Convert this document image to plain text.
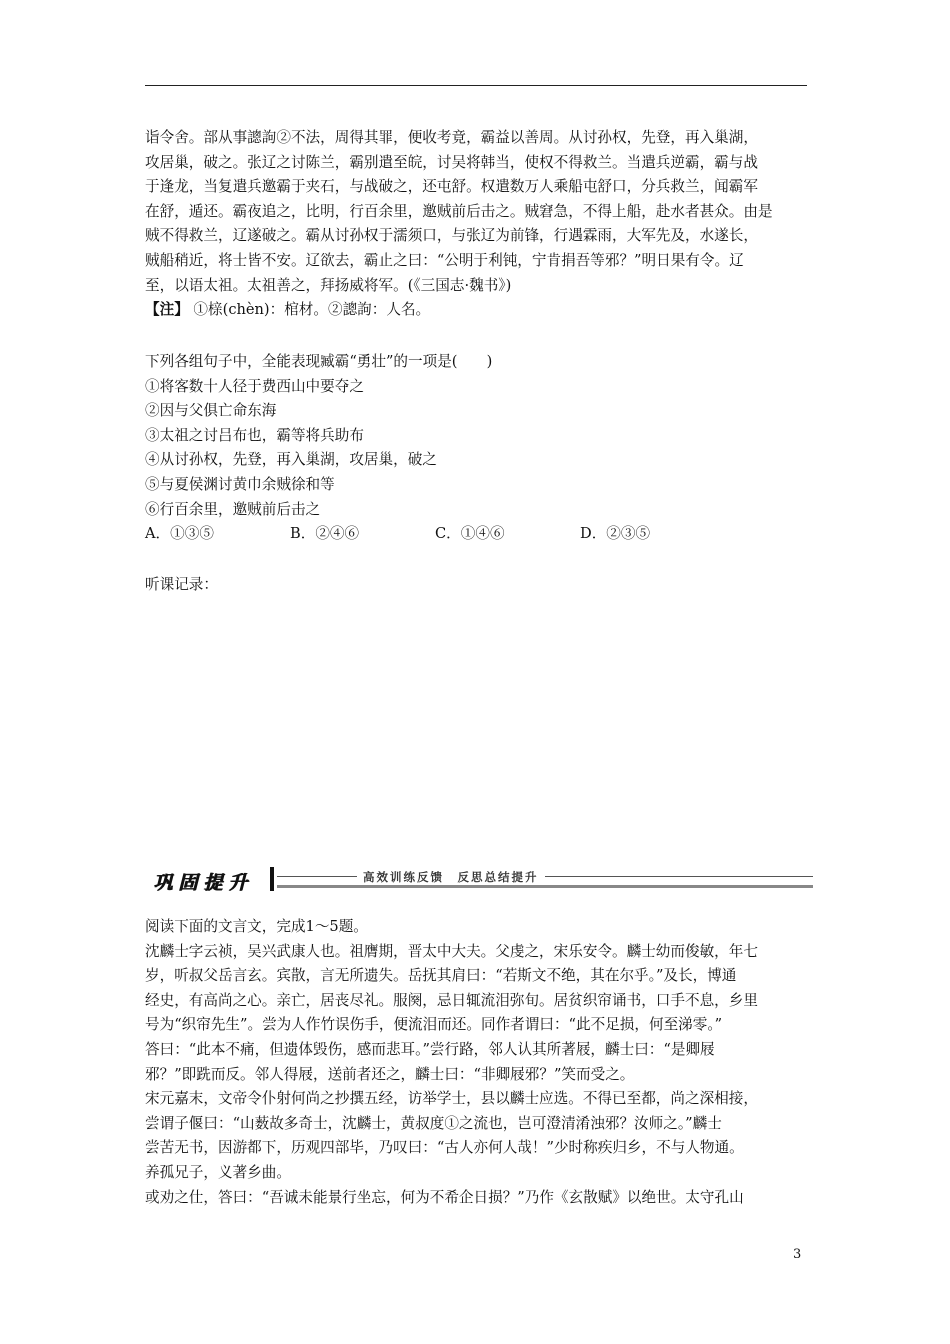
诣令舍。部从事謥訽②不法，周得其罪，便收考竟，霸益以善周。从讨孙权，先登，再入巢湖，
攻居巢，破之。张辽之讨陈兰，霸别遣至皖，讨吴将韩当，使权不得救兰。当遣兵逆霸，霸与战
于逢龙，当复遣兵邀霸于夹石，与战破之，还屯舒。权遣数万人乘船屯舒口，分兵救兰，闻霸军
在舒，遁还。霸夜追之，比明，行百余里，邀贼前后击之。贼窘急，不得上船，赴水者甚众。由是
贼不得救兰，辽遂破之。霸从讨孙权于濡须口，与张辽为前锋，行遇霖雨，大军先及，水遂长，
贼船稍近，将士皆不安。辽欲去，霸止之曰：“公明于利钝，宁肯捐吾等邪？”明日果有令。辽
至，以语太祖。太祖善之，拜扬威将军。(《三国志·魏书》)
【注】 ①榇(chèn)：棺材。②謥訽：人名。
下列各组句子中，全能表现臧霸“勇壮”的一项是(　　)
①将客数十人径于费西山中要夺之
②因与父俱亡命东海
③太祖之讨吕布也，霸等将兵助布
④从讨孙权，先登，再入巢湖，攻居巢，破之
⑤与夏侯渊讨黄巾余贼徐和等
⑥行百余里，邀贼前后击之
A．①③⑤	B．②④⑥	C．①④⑥	D．②③⑤
听课记录：
巩固提升	高效训练反馈　反思总结提升
阅读下面的文言文，完成1～5题。
沈麟士字云祯，吴兴武康人也。祖膺期，晋太中大夫。父虔之，宋乐安令。麟士幼而俊敏，年七
岁，听叔父岳言玄。宾散，言无所遗失。岳抚其肩曰：“若斯文不绝，其在尔乎。”及长，博通
经史，有高尚之心。亲亡，居丧尽礼。服阕，忌日辄流泪弥旬。居贫织帘诵书，口手不息，乡里
号为“织帘先生”。尝为人作竹误伤手，便流泪而还。同作者谓曰：“此不足损，何至涕零。”
答曰：“此本不痛，但遗体毁伤，感而悲耳。”尝行路，邻人认其所著屐，麟士曰：“是卿屐
邪？”即跣而反。邻人得屐，送前者还之，麟士曰：“非卿屐邪？”笑而受之。
宋元嘉末，文帝令仆射何尚之抄撰五经，访举学士，县以麟士应选。不得已至都，尚之深相接，
尝谓子偃曰：“山薮故多奇士，沈麟士，黄叔度①之流也，岂可澄清淆浊邪？汝师之。”麟士
尝苦无书，因游都下，历观四部毕，乃叹曰：“古人亦何人哉！”少时称疾归乡，不与人物通。
养孤兄子，义著乡曲。
或劝之仕，答曰：“吾诚未能景行坐忘，何为不希企日损？”乃作《玄散赋》以绝世。太守孔山
3
